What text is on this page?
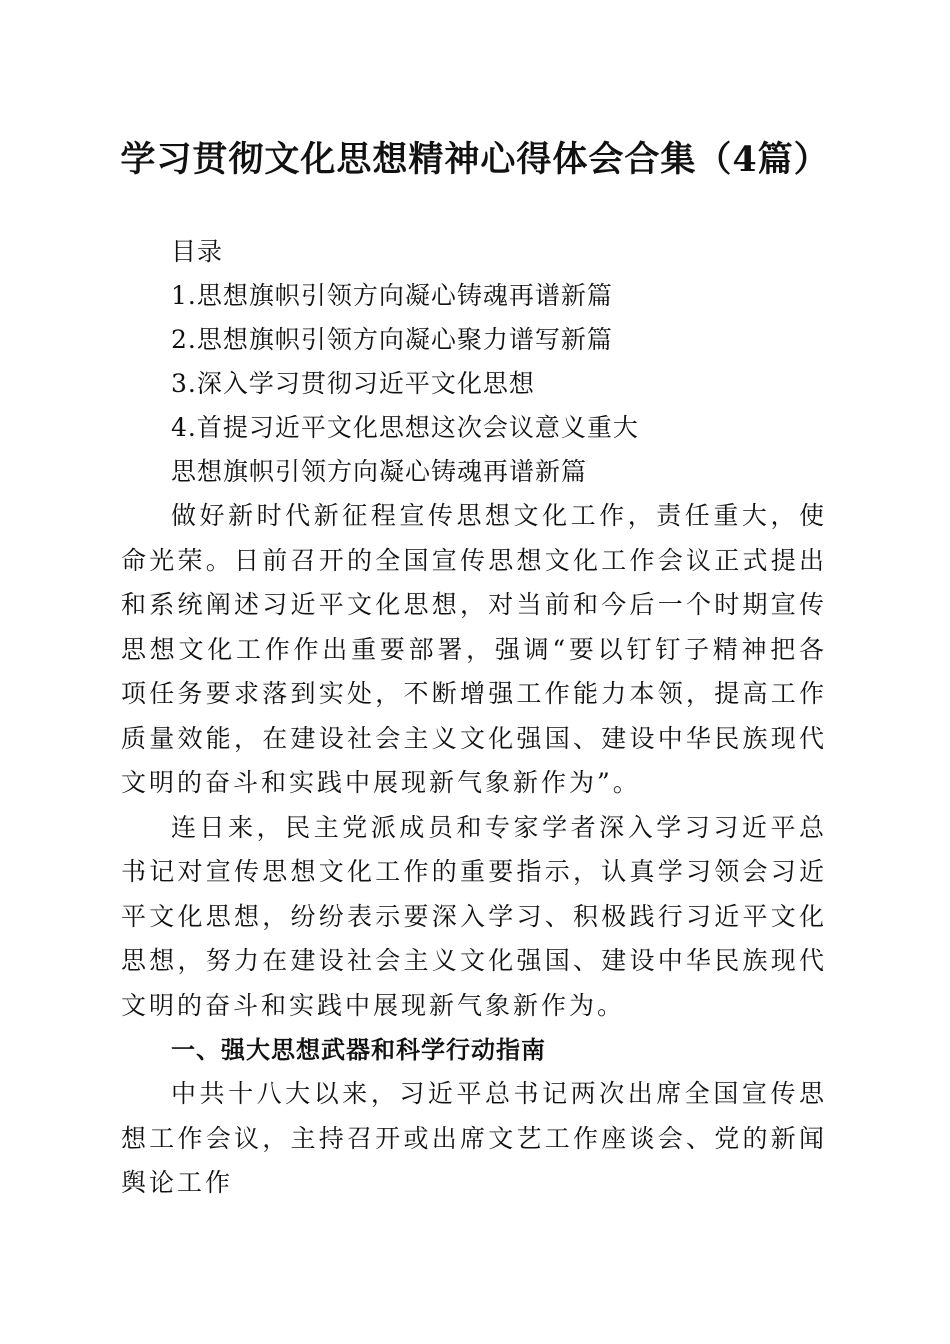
学习贯彻文化思想精神心得体会合集（4篇）
目录
1.思想旗帜引领方向凝心铸魂再谱新篇
2.思想旗帜引领方向凝心聚力谱写新篇
3.深入学习贯彻习近平文化思想
4.首提习近平文化思想这次会议意义重大
思想旗帜引领方向凝心铸魂再谱新篇

做好新时代新征程宣传思想文化工作，责任重大，使命光荣。日前召开的全国宣传思想文化工作会议正式提出和系统阐述习近平文化思想，对当前和今后一个时期宣传思想文化工作作出重要部署，强调“要以钉钉子精神把各项任务要求落到实处，不断增强工作能力本领，提高工作质量效能，在建设社会主义文化强国、建设中华民族现代文明的奋斗和实践中展现新气象新作为”。

连日来，民主党派成员和专家学者深入学习习近平总书记对宣传思想文化工作的重要指示，认真学习领会习近平文化思想，纷纷表示要深入学习、积极践行习近平文化思想，努力在建设社会主义文化强国、建设中华民族现代文明的奋斗和实践中展现新气象新作为。

一、强大思想武器和科学行动指南

中共十八大以来，习近平总书记两次出席全国宣传思想工作会议，主持召开或出席文艺工作座谈会、党的新闻舆论工作
